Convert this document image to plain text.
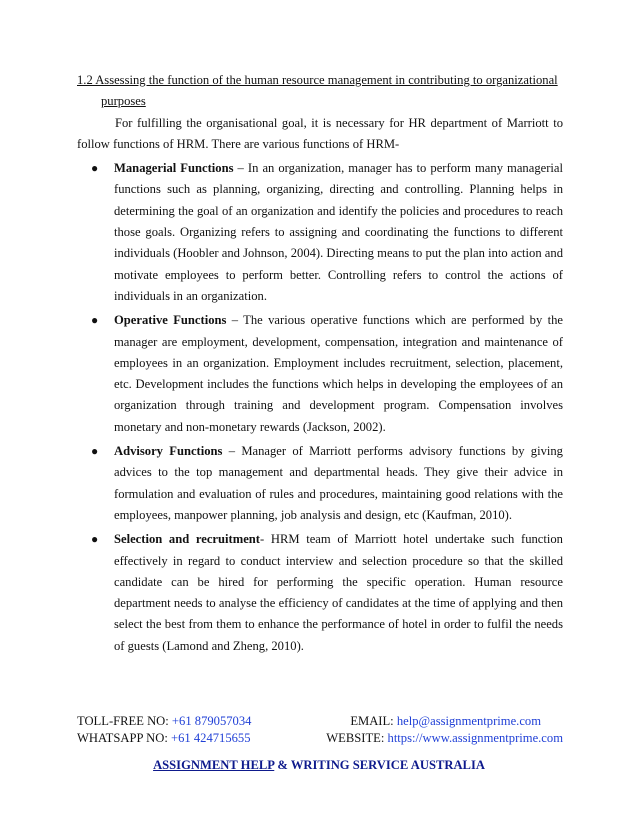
1.2 Assessing the function of the human resource management in contributing to organizational
purposes

For fulfilling the organisational goal, it is necessary for HR department of Marriott to follow functions of HRM. There are various functions of HRM-

● Managerial Functions – In an organization, manager has to perform many managerial functions such as planning, organizing, directing and controlling. Planning helps in determining the goal of an organization and identify the policies and procedures to reach those goals. Organizing refers to assigning and coordinating the functions to different individuals (Hoobler and Johnson, 2004). Directing means to put the plan into action and motivate employees to perform better. Controlling refers to control the actions of individuals in an organization.
● Operative Functions – The various operative functions which are performed by the manager are employment, development, compensation, integration and maintenance of employees in an organization. Employment includes recruitment, selection, placement, etc. Development includes the functions which helps in developing the employees of an organization through training and development program. Compensation involves monetary and non-monetary rewards (Jackson, 2002).
● Advisory Functions – Manager of Marriott performs advisory functions by giving advices to the top management and departmental heads. They give their advice in formulation and evaluation of rules and procedures, maintaining good relations with the employees, manpower planning, job analysis and design, etc (Kaufman, 2010).
● Selection and recruitment- HRM team of Marriott hotel undertake such function effectively in regard to conduct interview and selection procedure so that the skilled candidate can be hired for performing the specific operation. Human resource department needs to analyse the efficiency of candidates at the time of applying and then select the best from them to enhance the performance of hotel in order to fulfil the needs of guests (Lamond and Zheng, 2010).
TOLL-FREE NO: +61 879057034	EMAIL: help@assignmentprime.com
WHATSAPP NO: +61 424715655	WEBSITE: https://www.assignmentprime.com
ASSIGNMENT HELP & WRITING SERVICE AUSTRALIA
